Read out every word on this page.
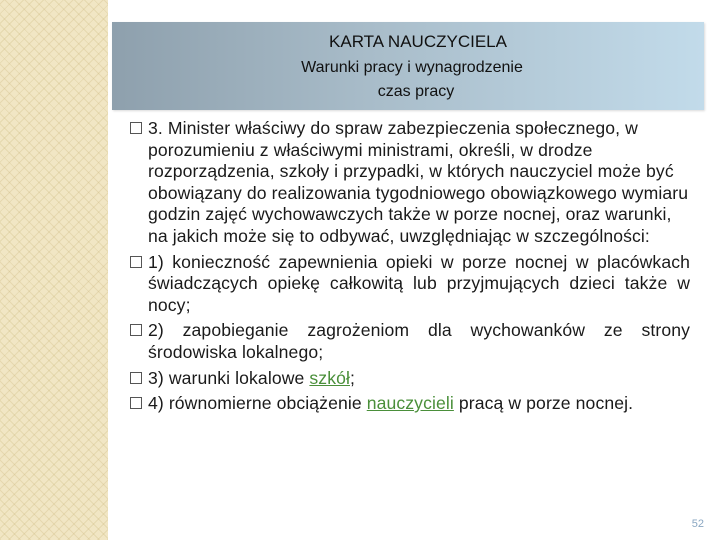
KARTA NAUCZYCIELA
Warunki pracy i wynagrodzenie
czas pracy

3. Minister właściwy do spraw zabezpieczenia społecznego, w porozumieniu z właściwymi ministrami, określi, w drodze rozporządzenia, szkoły i przypadki, w których nauczyciel może być obowiązany do realizowania tygodniowego obowiązkowego wymiaru godzin zajęć wychowawczych także w porze nocnej, oraz warunki, na jakich może się to odbywać, uwzględniając w szczególności:

1) konieczność zapewnienia opieki w porze nocnej w placówkach świadczących opiekę całkowitą lub przyjmujących dzieci także w nocy;

2) zapobieganie zagrożeniom dla wychowanków ze strony środowiska lokalnego;

3) warunki lokalowe szkół;

4) równomierne obciążenie nauczycieli pracą w porze nocnej.

52
